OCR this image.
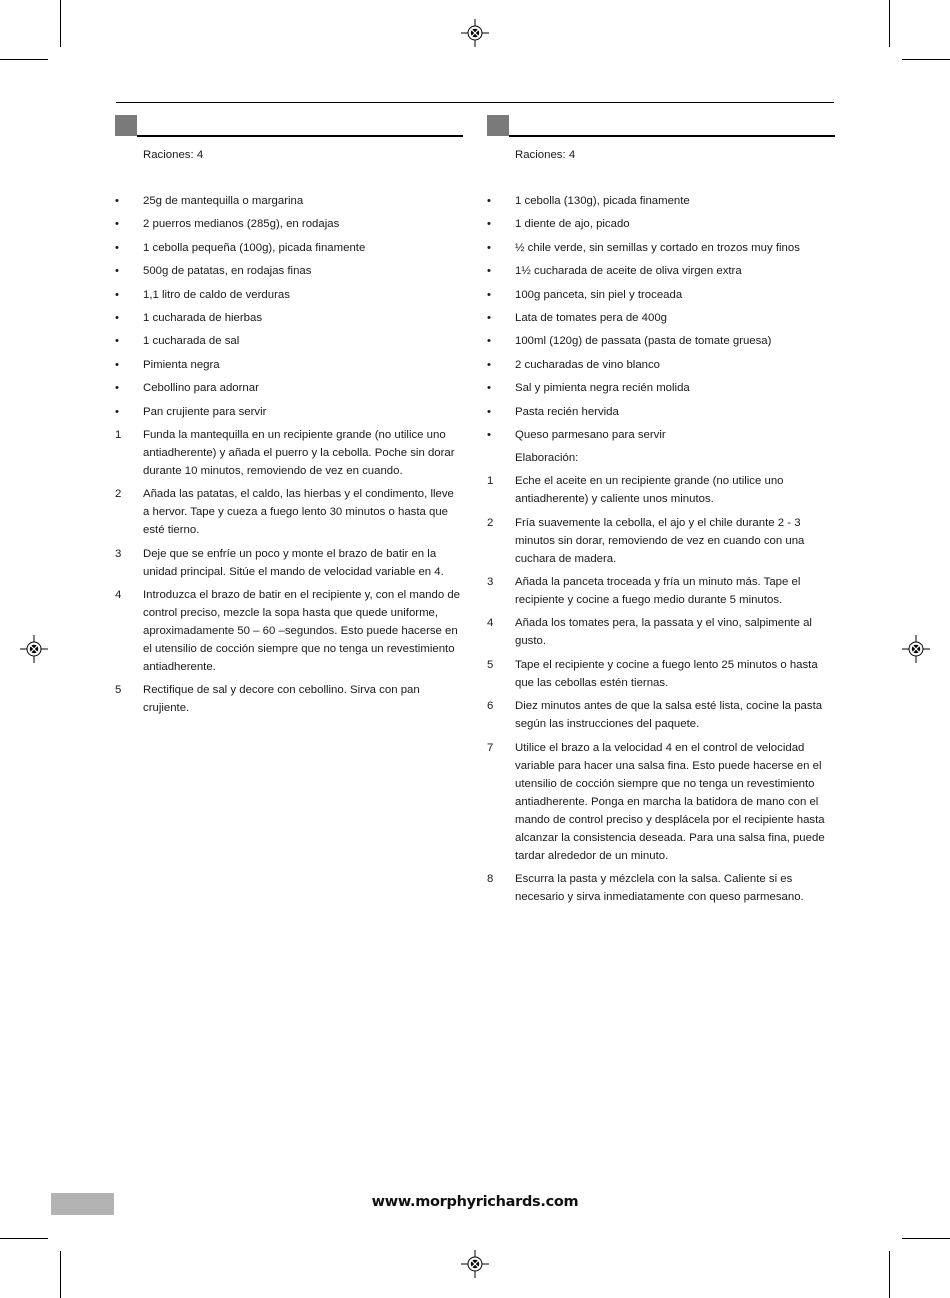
Raciones: 4
• 25g de mantequilla o margarina
• 2 puerros medianos (285g), en rodajas
• 1 cebolla pequeña (100g), picada finamente
• 500g de patatas, en rodajas finas
• 1,1 litro de caldo de verduras
• 1 cucharada de hierbas
• 1 cucharada de sal
• Pimienta negra
• Cebollino para adornar
• Pan crujiente para servir
1 Funda la mantequilla en un recipiente grande (no utilice uno antiadherente) y añada el puerro y la cebolla. Poche sin dorar durante 10 minutos, removiendo de vez en cuando.
2 Añada las patatas, el caldo, las hierbas y el condimento, lleve a hervor. Tape y cueza a fuego lento 30 minutos o hasta que esté tierno.
3 Deje que se enfríe un poco y monte el brazo de batir en la unidad principal. Sitúe el mando de velocidad variable en 4.
4 Introduzca el brazo de batir en el recipiente y, con el mando de control preciso, mezcle la sopa hasta que quede uniforme, aproximadamente 50 – 60 –segundos. Esto puede hacerse en el utensilio de cocción siempre que no tenga un revestimiento antiadherente.
5 Rectifique de sal y decore con cebollino. Sirva con pan crujiente.
Raciones: 4
• 1 cebolla (130g), picada finamente
• 1 diente de ajo, picado
• ½ chile verde, sin semillas y cortado en trozos muy finos
• 1½ cucharada de aceite de oliva virgen extra
• 100g panceta, sin piel y troceada
• Lata de tomates pera de 400g
• 100ml (120g) de passata (pasta de tomate gruesa)
• 2 cucharadas de vino blanco
• Sal y pimienta negra recién molida
• Pasta recién hervida
• Queso parmesano para servir
Elaboración:
1 Eche el aceite en un recipiente grande (no utilice uno antiadherente) y caliente unos minutos.
2 Fría suavemente la cebolla, el ajo y el chile durante 2 - 3 minutos sin dorar, removiendo de vez en cuando con una cuchara de madera.
3 Añada la panceta troceada y fría un minuto más. Tape el recipiente y cocine a fuego medio durante 5 minutos.
4 Añada los tomates pera, la passata y el vino, salpimente al gusto.
5 Tape el recipiente y cocine a fuego lento 25 minutos o hasta que las cebollas estén tiernas.
6 Diez minutos antes de que la salsa esté lista, cocine la pasta según las instrucciones del paquete.
7 Utilice el brazo a la velocidad 4 en el control de velocidad variable para hacer una salsa fina. Esto puede hacerse en el utensilio de cocción siempre que no tenga un revestimiento antiadherente. Ponga en marcha la batidora de mano con el mando de control preciso y desplácela por el recipiente hasta alcanzar la consistencia deseada. Para una salsa fina, puede tardar alrededor de un minuto.
8 Escurra la pasta y mézclela con la salsa. Caliente si es necesario y sirva inmediatamente con queso parmesano.
www.morphyrichards.com
